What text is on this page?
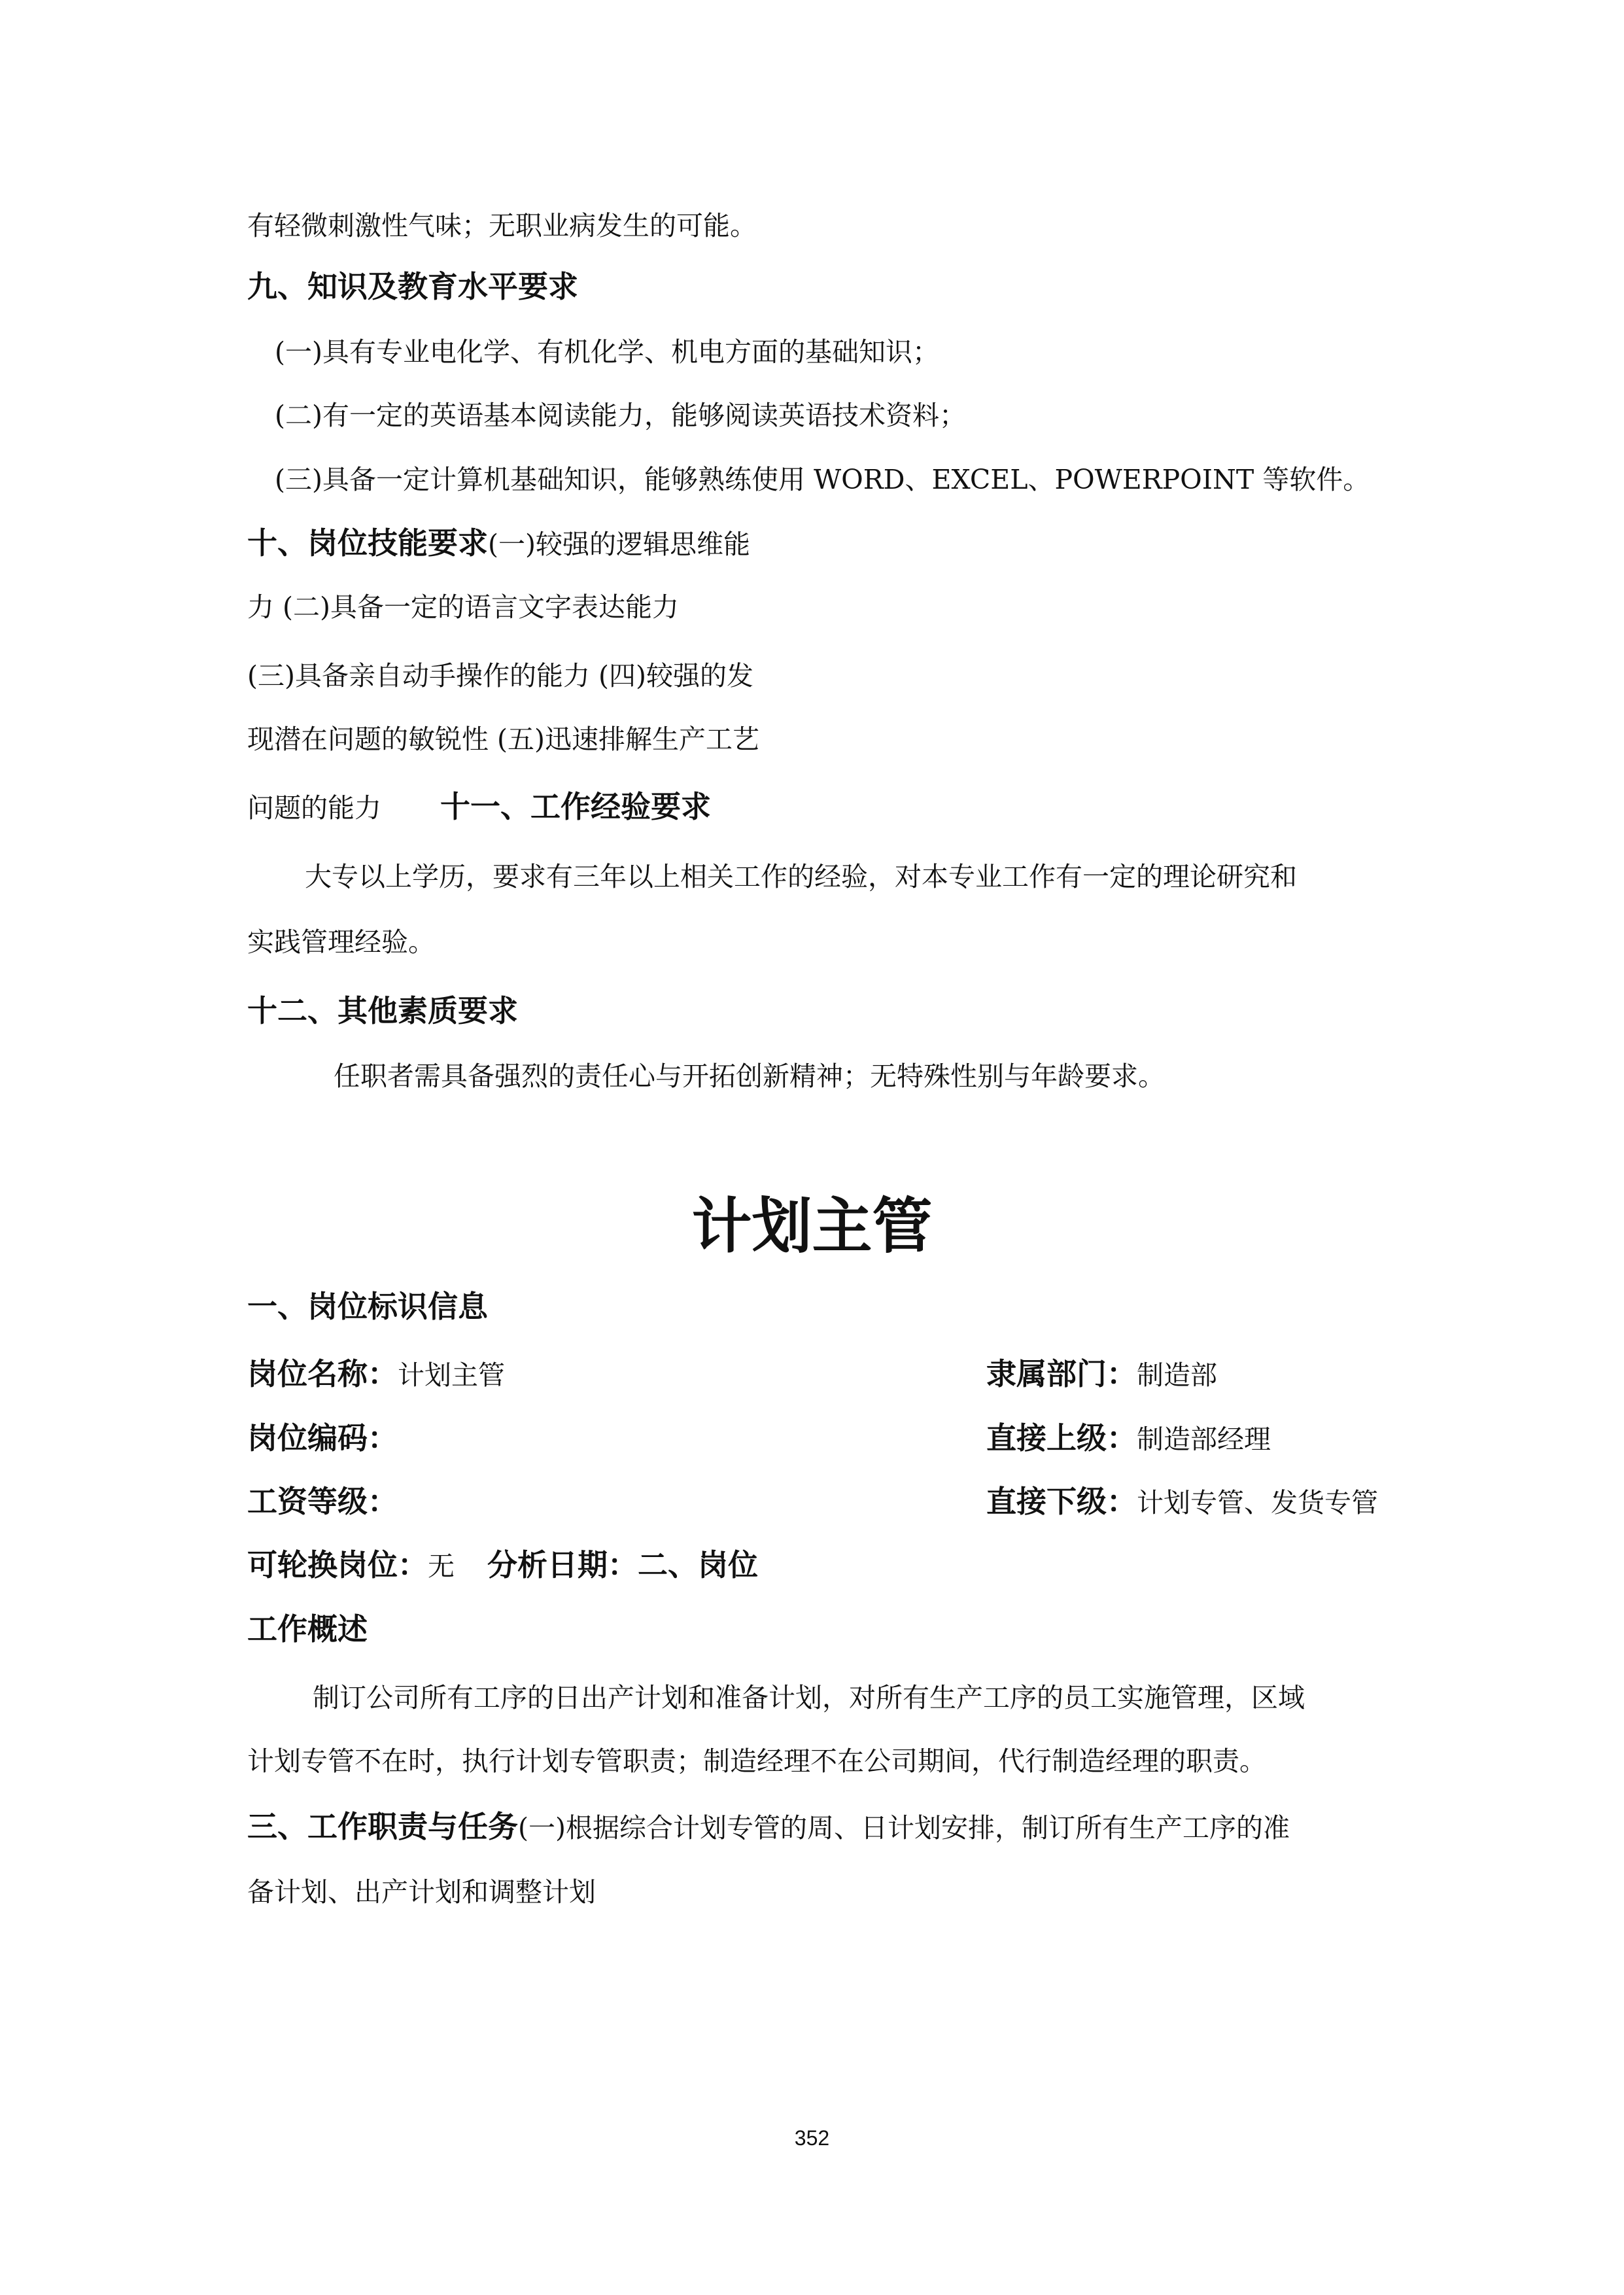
有轻微刺激性气味；无职业病发生的可能。
九、知识及教育水平要求
(一)具有专业电化学、有机化学、机电方面的基础知识；
(二)有一定的英语基本阅读能力，能够阅读英语技术资料；
(三)具备一定计算机基础知识，能够熟练使用 WORD、EXCEL、POWERPOINT 等软件。
十、岗位技能要求(一)较强的逻辑思维能
力 (二)具备一定的语言文字表达能力
(三)具备亲自动手操作的能力 (四)较强的发
现潜在问题的敏锐性 (五)迅速排解生产工艺
问题的能力 十一、工作经验要求
大专以上学历，要求有三年以上相关工作的经验，对本专业工作有一定的理论研究和
实践管理经验。
十二、其他素质要求
任职者需具备强烈的责任心与开拓创新精神；无特殊性别与年龄要求。
计划主管
一、岗位标识信息
岗位名称：计划主管	隶属部门：制造部
岗位编码：	直接上级：制造部经理
工资等级：	直接下级：计划专管、发货专管
可轮换岗位：无 分析日期：二、岗位
工作概述
制订公司所有工序的日出产计划和准备计划，对所有生产工序的员工实施管理，区域
计划专管不在时，执行计划专管职责；制造经理不在公司期间，代行制造经理的职责。
三、工作职责与任务(一)根据综合计划专管的周、日计划安排，制订所有生产工序的准
备计划、出产计划和调整计划
352
